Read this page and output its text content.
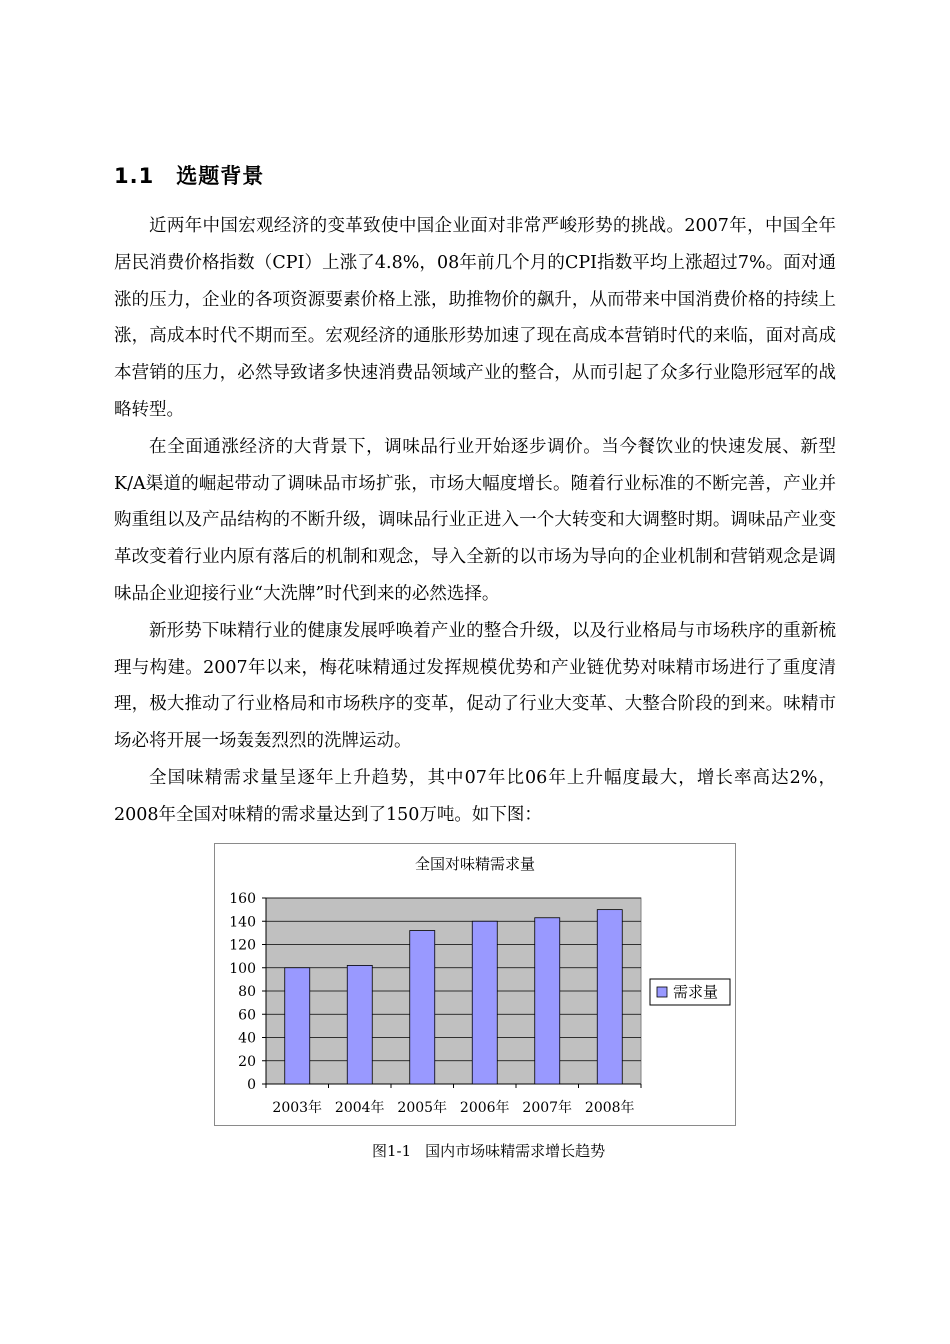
1.1 选题背景

近两年中国宏观经济的变革致使中国企业面对非常严峻形势的挑战。2007年，中国全年居民消费价格指数（CPI）上涨了4.8%，08年前几个月的CPI指数平均上涨超过7%。面对通涨的压力，企业的各项资源要素价格上涨，助推物价的飙升，从而带来中国消费价格的持续上涨，高成本时代不期而至。宏观经济的通胀形势加速了现在高成本营销时代的来临，面对高成本营销的压力，必然导致诸多快速消费品领域产业的整合，从而引起了众多行业隐形冠军的战略转型。

在全面通涨经济的大背景下，调味品行业开始逐步调价。当今餐饮业的快速发展、新型K/A渠道的崛起带动了调味品市场扩张，市场大幅度增长。随着行业标准的不断完善，产业并购重组以及产品结构的不断升级，调味品行业正进入一个大转变和大调整时期。调味品产业变革改变着行业内原有落后的机制和观念，导入全新的以市场为导向的企业机制和营销观念是调味品企业迎接行业“大洗牌”时代到来的必然选择。

新形势下味精行业的健康发展呼唤着产业的整合升级，以及行业格局与市场秩序的重新梳理与构建。2007年以来，梅花味精通过发挥规模优势和产业链优势对味精市场进行了重度清理，极大推动了行业格局和市场秩序的变革，促动了行业大变革、大整合阶段的到来。味精市场必将开展一场轰轰烈烈的洗牌运动。

全国味精需求量呈逐年上升趋势，其中07年比06年上升幅度最大，增长率高达2%，2008年全国对味精的需求量达到了150万吨。如下图：

全国对味精需求量
0
20
40
60
80
100
120
140
160
2003年 2004年 2005年 2006年 2007年 2008年
需求量
图1-1 国内市场味精需求增长趋势
